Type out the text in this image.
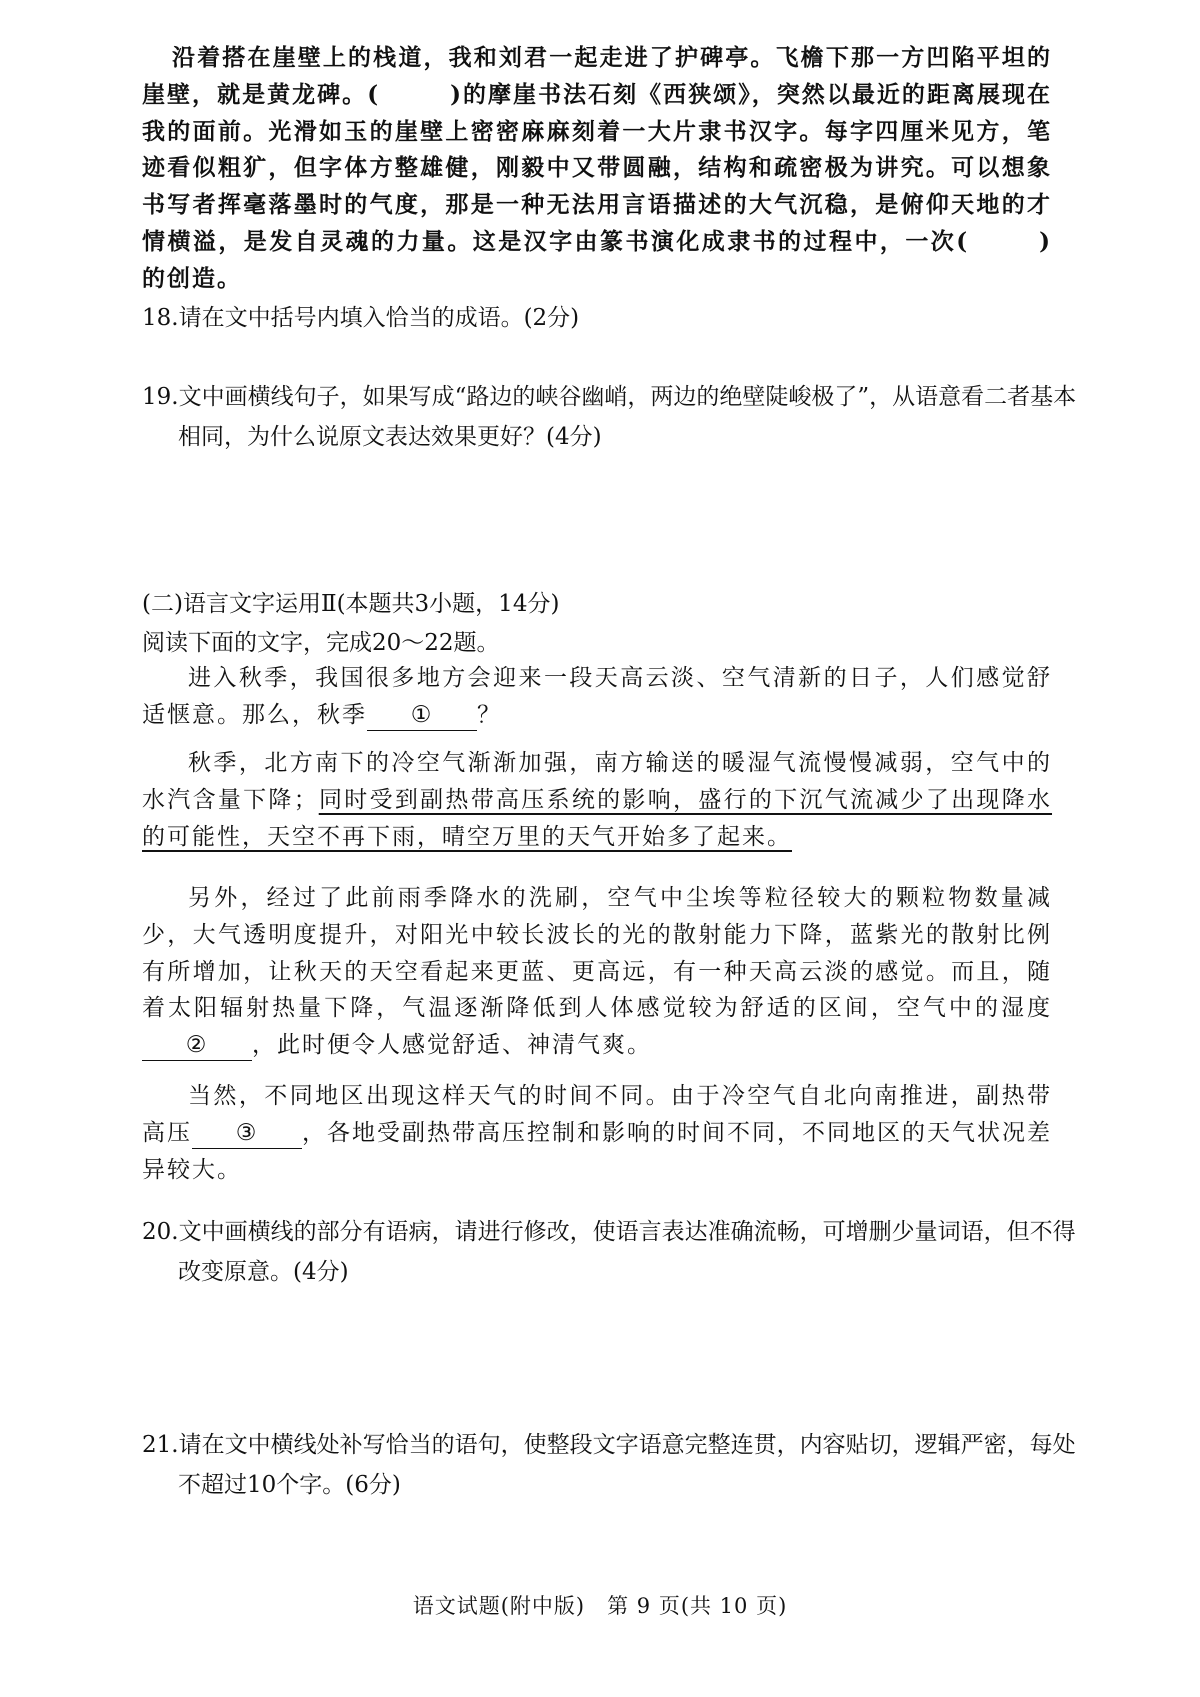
沿着搭在崖壁上的栈道，我和刘君一起走进了护碑亭。飞檐下那一方凹陷平坦的崖壁，就是黄龙碑。(	)的摩崖书法石刻《西狭颂》，突然以最近的距离展现在我的面前。光滑如玉的崖壁上密密麻麻刻着一大片隶书汉字。每字四厘米见方，笔迹看似粗犷，但字体方整雄健，刚毅中又带圆融，结构和疏密极为讲究。可以想象书写者挥毫落墨时的气度，那是一种无法用言语描述的大气沉稳，是俯仰天地的才情横溢，是发自灵魂的力量。这是汉字由篆书演化成隶书的过程中，一次(	)的创造。

18.请在文中括号内填入恰当的成语。(2分)

19.文中画横线句子，如果写成“路边的峡谷幽峭，两边的绝壁陡峻极了”，从语意看二者基本相同，为什么说原文表达效果更好？(4分)

(二)语言文字运用Ⅱ(本题共3小题，14分)

阅读下面的文字，完成20～22题。

进入秋季，我国很多地方会迎来一段天高云淡、空气清新的日子，人们感觉舒适惬意。那么，秋季 ① ？

秋季，北方南下的冷空气渐渐加强，南方输送的暖湿气流慢慢减弱，空气中的水汽含量下降；同时受到副热带高压系统的影响，盛行的下沉气流减少了出现降水的可能性，天空不再下雨，晴空万里的天气开始多了起来。

另外，经过了此前雨季降水的洗刷，空气中尘埃等粒径较大的颗粒物数量减少，大气透明度提升，对阳光中较长波长的光的散射能力下降，蓝紫光的散射比例有所增加，让秋天的天空看起来更蓝、更高远，有一种天高云淡的感觉。而且，随着太阳辐射热量下降，气温逐渐降低到人体感觉较为舒适的区间，空气中的湿度② ，此时便令人感觉舒适、神清气爽。

当然，不同地区出现这样天气的时间不同。由于冷空气自北向南推进，副热带高压 ③ ，各地受副热带高压控制和影响的时间不同，不同地区的天气状况差异较大。

20.文中画横线的部分有语病，请进行修改，使语言表达准确流畅，可增删少量词语，但不得改变原意。(4分)

21.请在文中横线处补写恰当的语句，使整段文字语意完整连贯，内容贴切，逻辑严密，每处不超过10个字。(6分)

语文试题(附中版)　第 9 页(共 10 页)
